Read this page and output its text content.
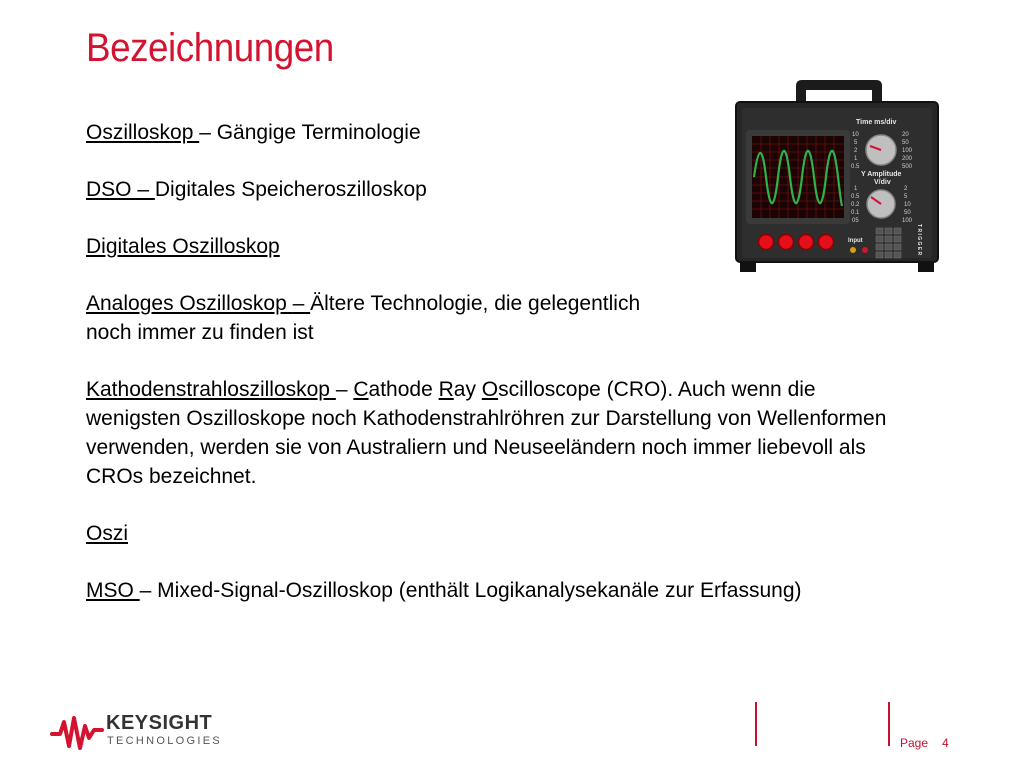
Bezeichnungen

Oszilloskop – Gängige Terminologie

DSO – Digitales Speicheroszilloskop

Digitales Oszilloskop

Analoges Oszilloskop – Ältere Technologie, die gelegentlich noch immer zu finden ist

Kathodenstrahloszilloskop – Cathode Ray Oscilloscope (CRO). Auch wenn die wenigsten Oszilloskope noch Kathodenstrahlröhren zur Darstellung von Wellenformen verwenden, werden sie von Australiern und Neuseeländern noch immer liebevoll als CROs bezeichnet.

Oszi

MSO – Mixed-Signal-Oszilloskop (enthält Logikanalysekanäle zur Erfassung)

Time ms/div
10
5
2
1
0.5
20
50
100
200
500
Y Amplitude
V/div
1
0.5
0.2
0.1
05
2
5
10
50
100
Input	T R I G G E R
KEYSIGHT
TECHNOLOGIES	Page 4
